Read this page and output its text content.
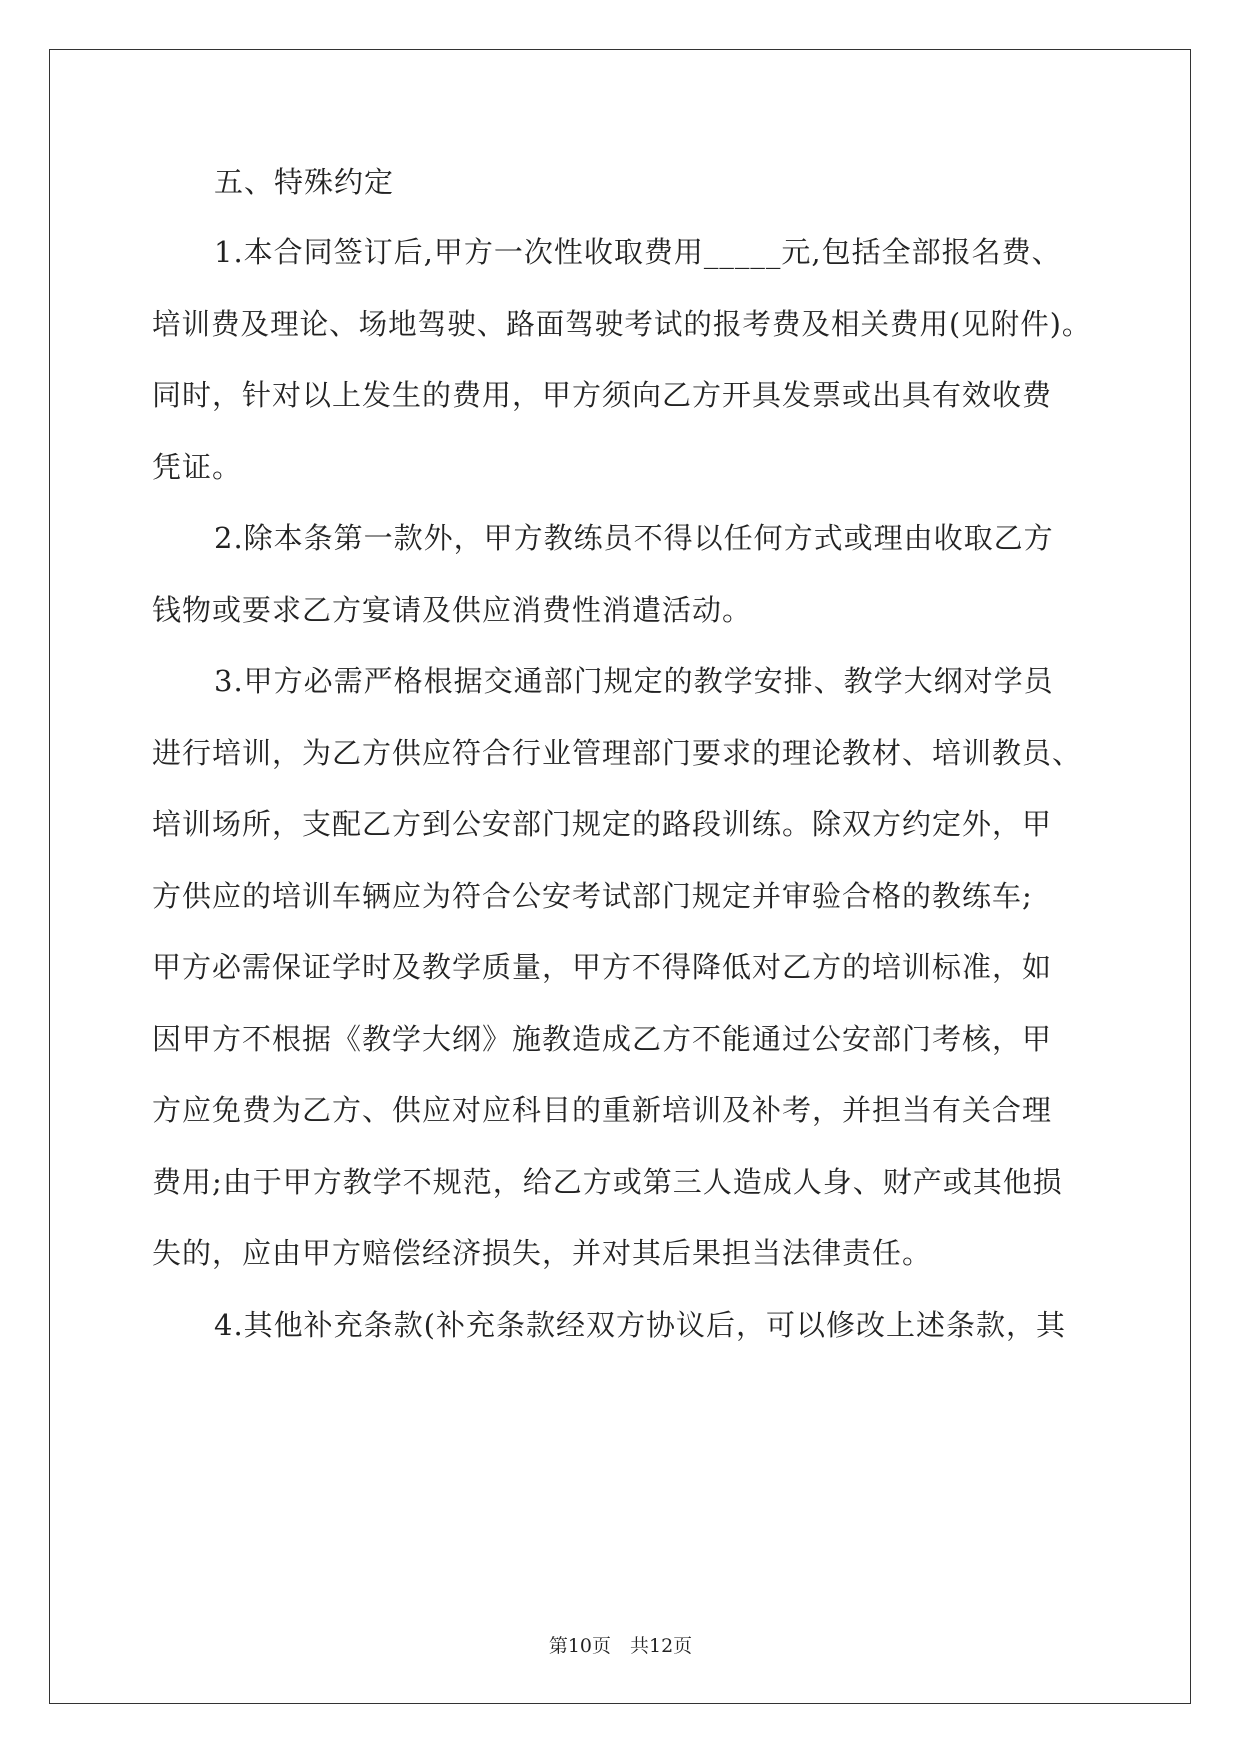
五、特殊约定
1.本合同签订后,甲方一次性收取费用_____元,包括全部报名费、
培训费及理论、场地驾驶、路面驾驶考试的报考费及相关费用(见附件)。
同时，针对以上发生的费用，甲方须向乙方开具发票或出具有效收费
凭证。
2.除本条第一款外，甲方教练员不得以任何方式或理由收取乙方
钱物或要求乙方宴请及供应消费性消遣活动。
3.甲方必需严格根据交通部门规定的教学安排、教学大纲对学员
进行培训，为乙方供应符合行业管理部门要求的理论教材、培训教员、
培训场所，支配乙方到公安部门规定的路段训练。除双方约定外，甲
方供应的培训车辆应为符合公安考试部门规定并审验合格的教练车;
甲方必需保证学时及教学质量，甲方不得降低对乙方的培训标准，如
因甲方不根据《教学大纲》施教造成乙方不能通过公安部门考核，甲
方应免费为乙方、供应对应科目的重新培训及补考，并担当有关合理
费用;由于甲方教学不规范，给乙方或第三人造成人身、财产或其他损
失的，应由甲方赔偿经济损失，并对其后果担当法律责任。
4.其他补充条款(补充条款经双方协议后，可以修改上述条款，其
第10页　共12页
